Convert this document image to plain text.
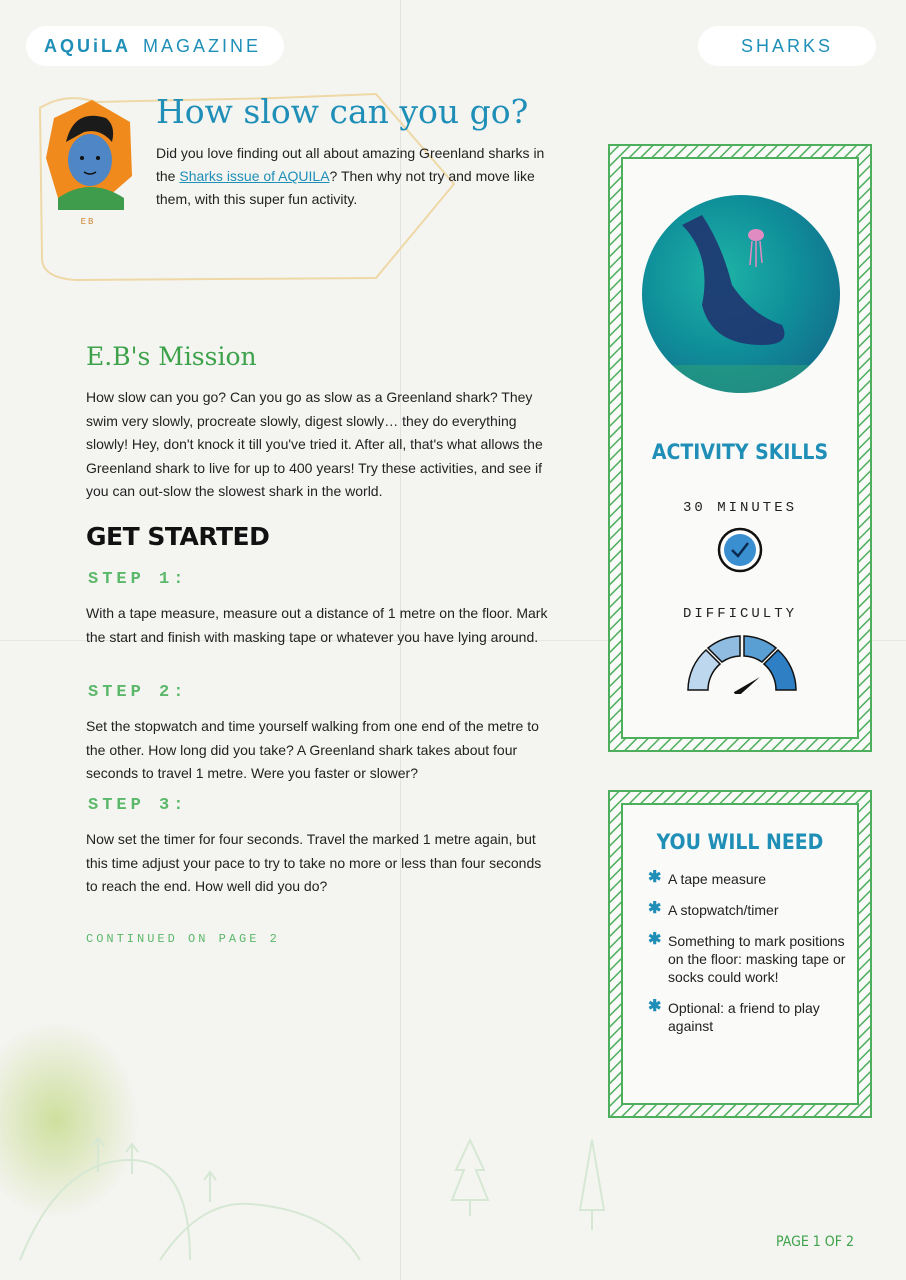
AQUiLA MAGAZINE	SHARKS
EB
How slow can you go?

Did you love finding out all about amazing Greenland sharks in the Sharks issue of AQUILA? Then why not try and move like them, with this super fun activity.

E.B's Mission

How slow can you go? Can you go as slow as a Greenland shark? They swim very slowly, procreate slowly, digest slowly… they do everything slowly! Hey, don't knock it till you've tried it. After all, that's what allows the Greenland shark to live for up to 400 years! Try these activities, and see if you can out-slow the slowest shark in the world.

GET STARTED
STEP 1:

With a tape measure, measure out a distance of 1 metre on the floor. Mark the start and finish with masking tape or whatever you have lying around.

STEP 2:

Set the stopwatch and time yourself walking from one end of the metre to the other. How long did you take? A Greenland shark takes about four seconds to travel 1 metre. Were you faster or slower?

STEP 3:

Now set the timer for four seconds. Travel the marked 1 metre again, but this time adjust your pace to try to take no more or less than four seconds to reach the end. How well did you do?

CONTINUED ON PAGE 2
ACTIVITY SKILLS
30 MINUTES
DIFFICULTY
YOU WILL NEED
✱ A tape measure
✱ A stopwatch/timer
✱ Something to mark positions on the floor: masking tape or socks could work!
✱ Optional: a friend to play against
PAGE 1 OF 2
